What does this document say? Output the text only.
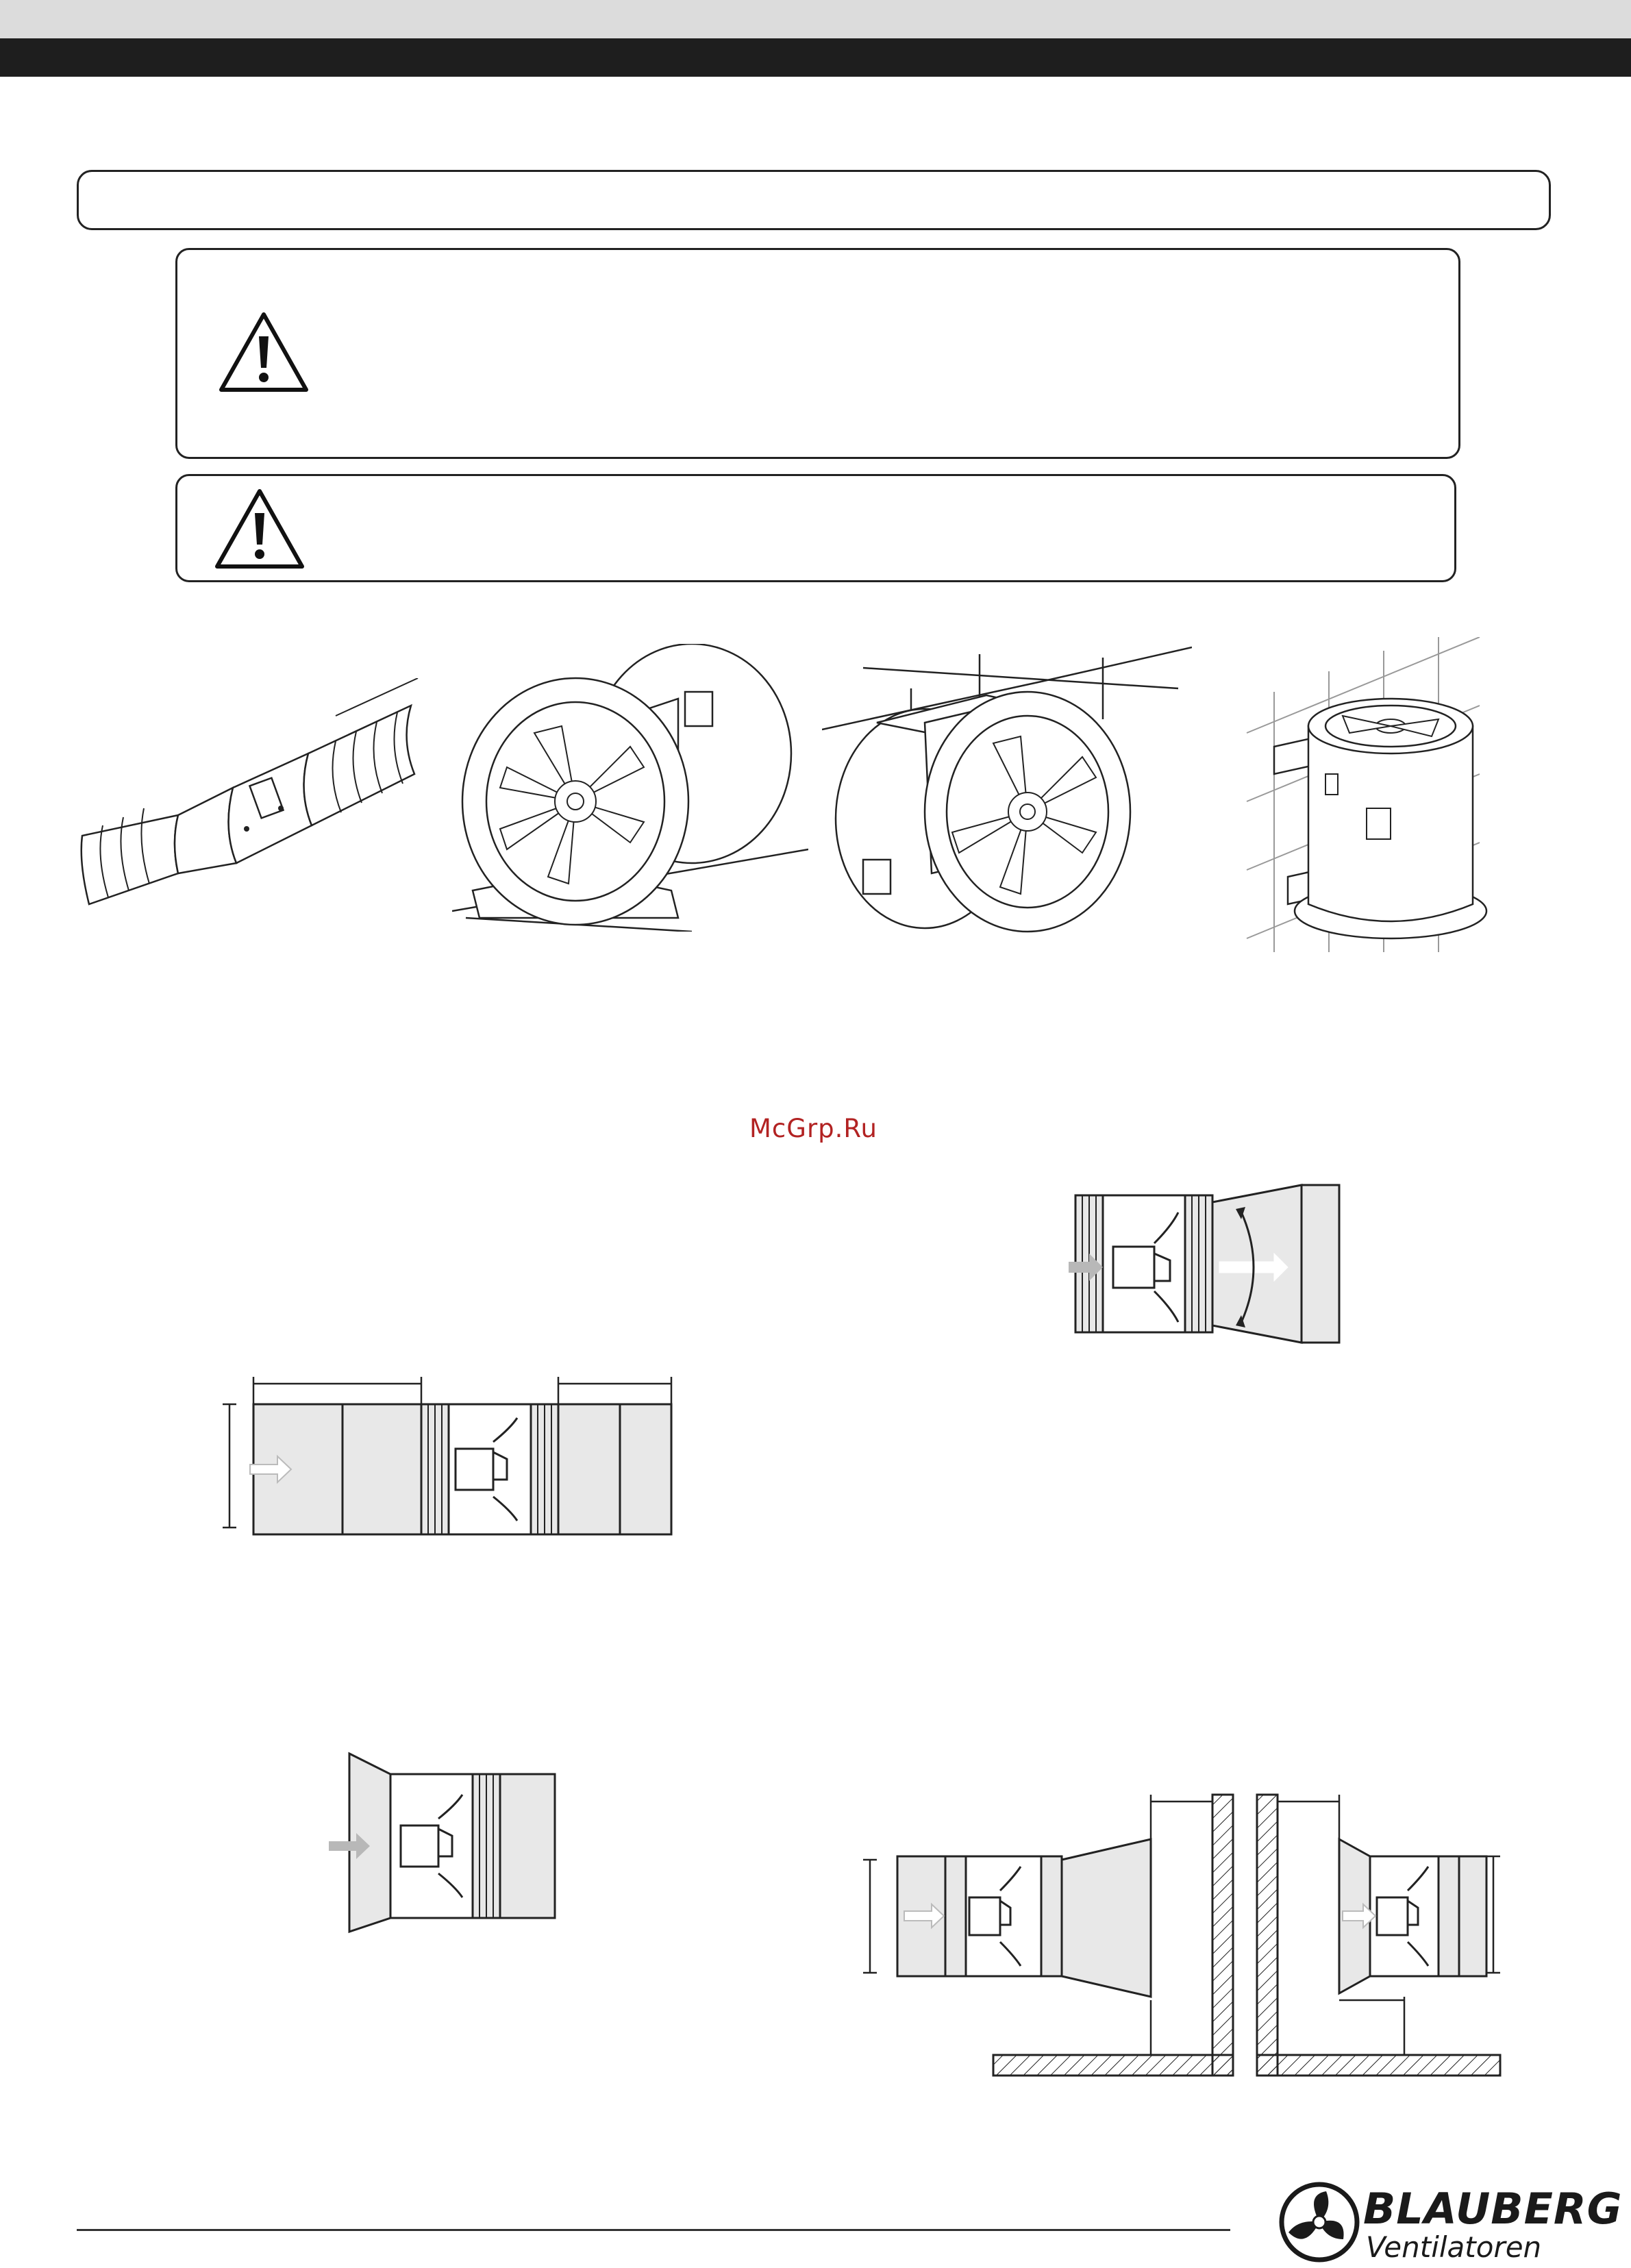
McGrp.Ru
BLAUBERG
Ventilatoren
